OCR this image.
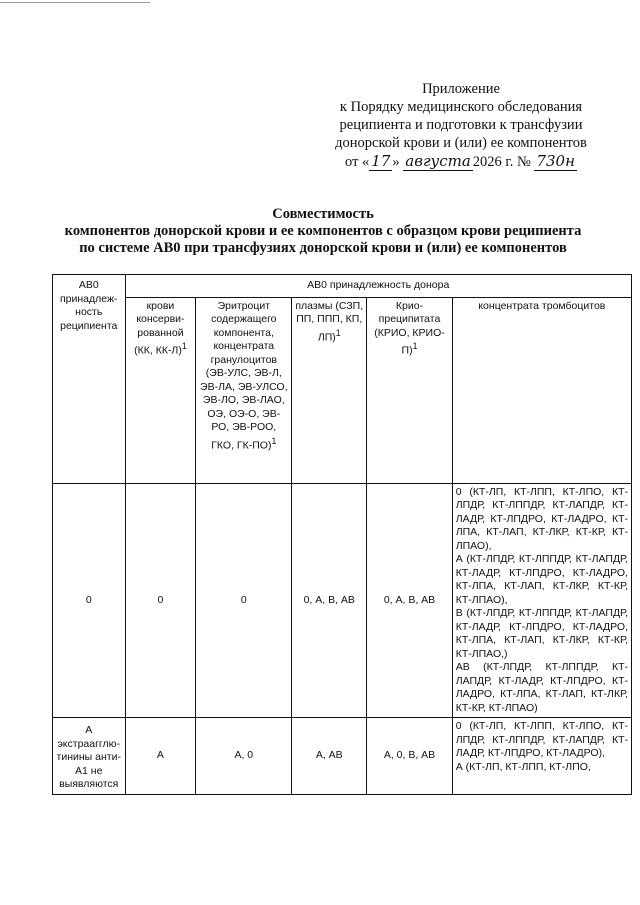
Приложение
к Порядку медицинского обследования
реципиента и подготовки к трансфузии
донорской крови и (или) ее компонентов
от « 17 » августа 2026 г. № 730н
Совместимость
компонентов донорской крови и ее компонентов с образцом крови реципиента
по системе АВ0 при трансфузиях донорской крови и (или) ее компонентов
АВ0 принадлеж-ность реципиента	АВ0 принадлежность донора				
	крови консерви-рованной (КК, КК-Л)$^1$	Эритроцит содержащего компонента, концентрата гранулоцитов (ЭВ-УЛС, ЭВ-Л, ЭВ-ЛА, ЭВ-УЛСО, ЭВ-ЛО, ЭВ-ЛАО, ОЭ, ОЭ-О, ЭВ-РО, ЭВ-РОО, ГКО, ГК-ПО)$^1$	плазмы (СЗП, ПП, ППП, КП, ЛП)$^1$	Крио-преципитата (КРИО, КРИО-П)$^1$	концентрата тромбоцитов
0	0	0	0, А, В, АВ	0, А, В, АВ	0 (КТ-ЛП, КТ-ЛПП, КТ-ЛПО, КТ-ЛПДР, КТ-ЛППДР, КТ-ЛАПДР, КТ-ЛАДР, КТ-ЛПДРО, КТ-ЛАДРО, КТ-ЛПА, КТ-ЛАП, КТ-ЛКР, КТ-КР, КТ-ЛПАО),
А (КТ-ЛПДР, КТ-ЛППДР, КТ-ЛАПДР, КТ-ЛАДР, КТ-ЛПДРО, КТ-ЛАДРО, КТ-ЛПА, КТ-ЛАП, КТ-ЛКР, КТ-КР, КТ-ЛПАО),
В (КТ-ЛПДР, КТ-ЛППДР, КТ-ЛАПДР, КТ-ЛАДР, КТ-ЛПДРО, КТ-ЛАДРО, КТ-ЛПА, КТ-ЛАП, КТ-ЛКР, КТ-КР, КТ-ЛПАО,)
АВ (КТ-ЛПДР, КТ-ЛППДР, КТ-ЛАПДР, КТ-ЛАДР, КТ-ЛПДРО, КТ-ЛАДРО, КТ-ЛПА, КТ-ЛАП, КТ-ЛКР, КТ-КР, КТ-ЛПАО)

А
экстраагглю-тинины анти-А1 не выявляются	А	А, 0	А, АВ	А, 0, В, АВ	0 (КТ-ЛП, КТ-ЛПП, КТ-ЛПО, КТ-ЛПДР, КТ-ЛППДР, КТ-ЛАПДР, КТ-ЛАДР, КТ-ЛПДРО, КТ-ЛАДРО),
А (КТ-ЛП, КТ-ЛПП, КТ-ЛПО,
